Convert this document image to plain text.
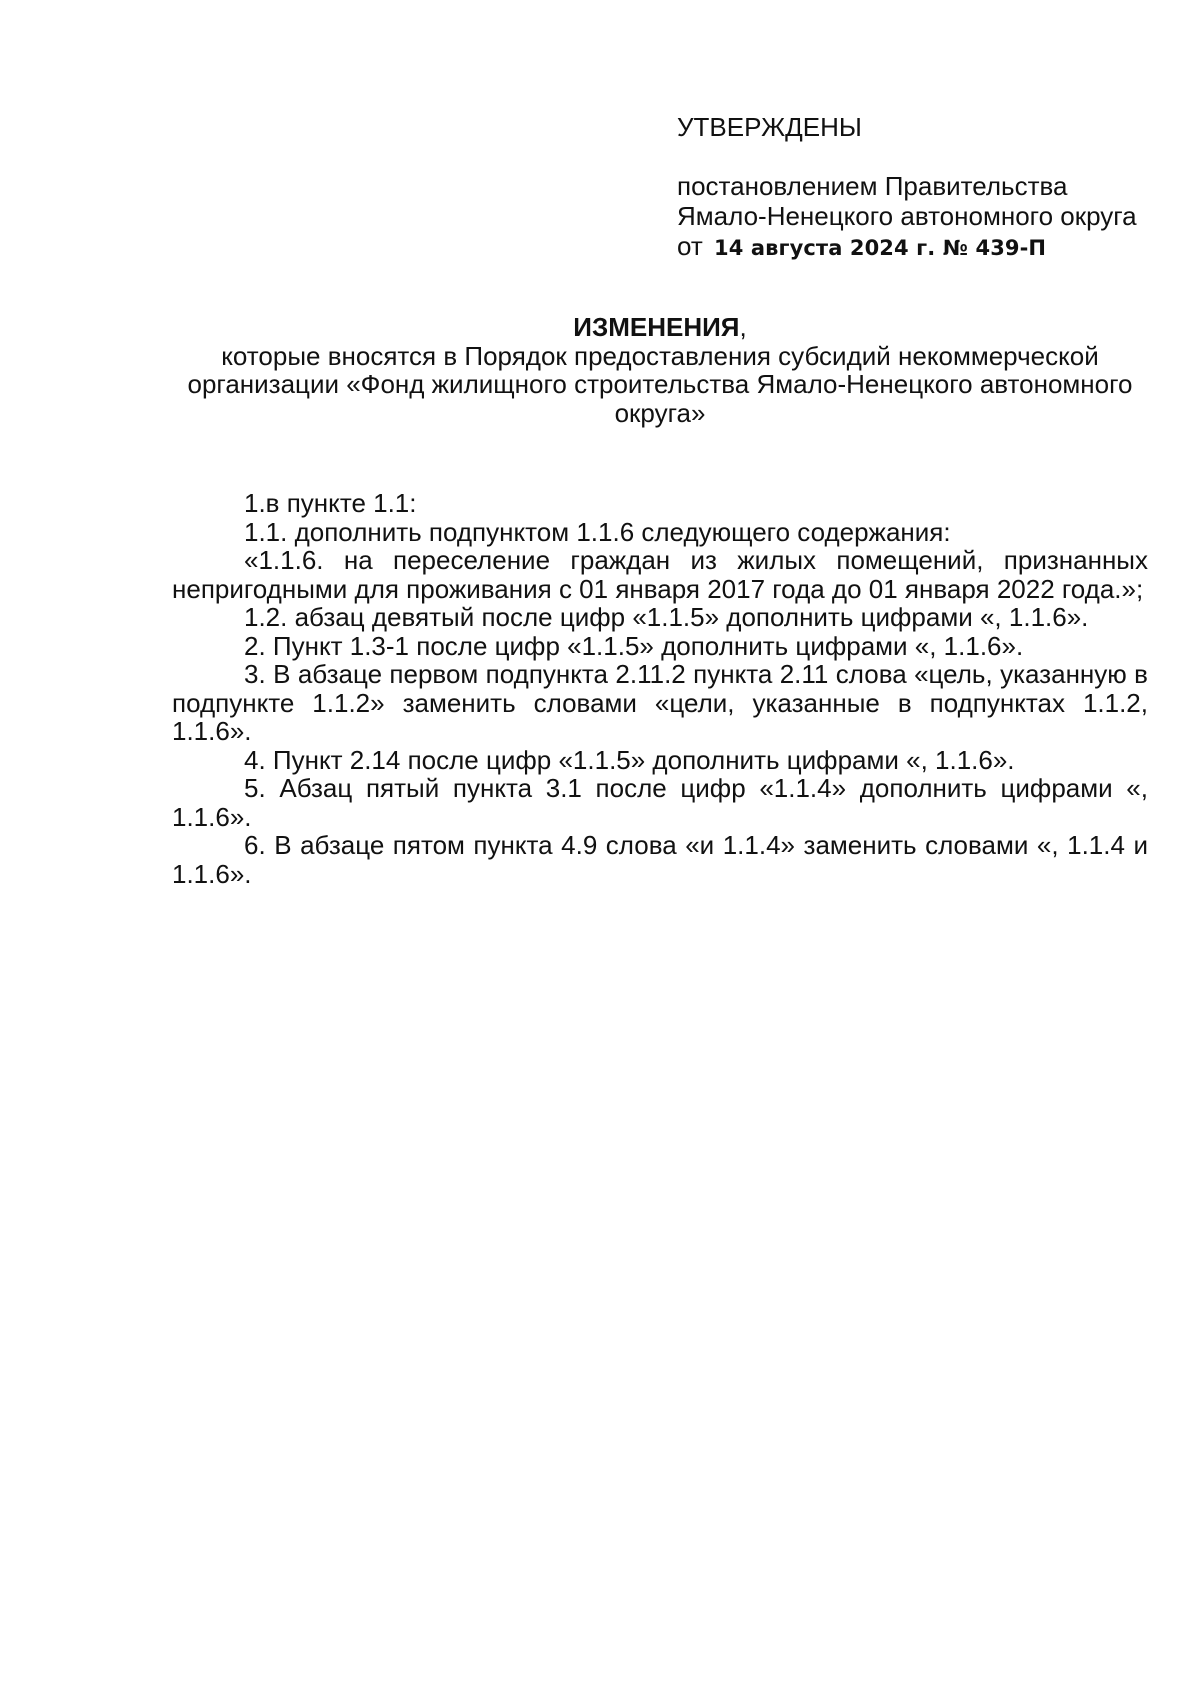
УТВЕРЖДЕНЫ
постановлением Правительства
Ямало-Ненецкого автономного округа
от 14 августа 2024 г. № 439-П
ИЗМЕНЕНИЯ,

которые вносятся в Порядок предоставления субсидий некоммерческой организации «Фонд жилищного строительства Ямало-Ненецкого автономного округа»

1.в пункте 1.1:

1.1. дополнить подпунктом 1.1.6 следующего содержания:

«1.1.6. на переселение граждан из жилых помещений, признанных непригодными для проживания с 01 января 2017 года до 01 января 2022 года.»;

1.2. абзац девятый после цифр «1.1.5» дополнить цифрами «, 1.1.6».

2. Пункт 1.3-1 после цифр «1.1.5» дополнить цифрами «, 1.1.6».

3. В абзаце первом подпункта 2.11.2 пункта 2.11 слова «цель, указанную в подпункте 1.1.2» заменить словами «цели, указанные в подпунктах 1.1.2, 1.1.6».

4. Пункт 2.14 после цифр «1.1.5» дополнить цифрами «, 1.1.6».

5. Абзац пятый пункта 3.1 после цифр «1.1.4» дополнить цифрами «, 1.1.6».

6. В абзаце пятом пункта 4.9 слова «и 1.1.4» заменить словами «, 1.1.4 и 1.1.6».
